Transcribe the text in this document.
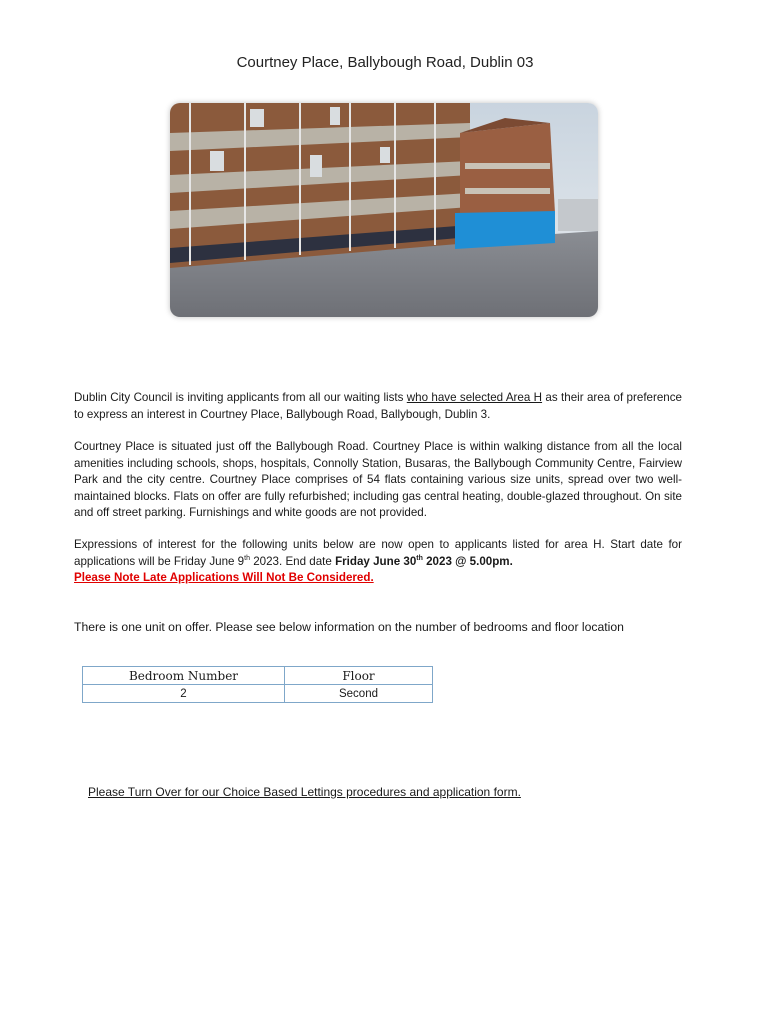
Courtney Place, Ballybough Road, Dublin 03
Dublin City Council is inviting applicants from all our waiting lists who have selected Area H as their area of preference to express an interest in Courtney Place, Ballybough Road, Ballybough, Dublin 3.
Courtney Place is situated just off the Ballybough Road. Courtney Place is within walking distance from all the local amenities including schools, shops, hospitals, Connolly Station, Busaras, the Ballybough Community Centre, Fairview Park and the city centre. Courtney Place comprises of 54 flats containing various size units, spread over two well-maintained blocks. Flats on offer are fully refurbished; including gas central heating, double-glazed throughout. On site and off street parking. Furnishings and white goods are not provided.
Expressions of interest for the following units below are now open to applicants listed for area H. Start date for applications will be Friday June 9th 2023. End date Friday June 30th 2023 @ 5.00pm.
Please Note Late Applications Will Not Be Considered.
There is one unit on offer. Please see below information on the number of bedrooms and floor location
Bedroom Number	Floor
2	Second
Please Turn Over for our Choice Based Lettings procedures and application form.
